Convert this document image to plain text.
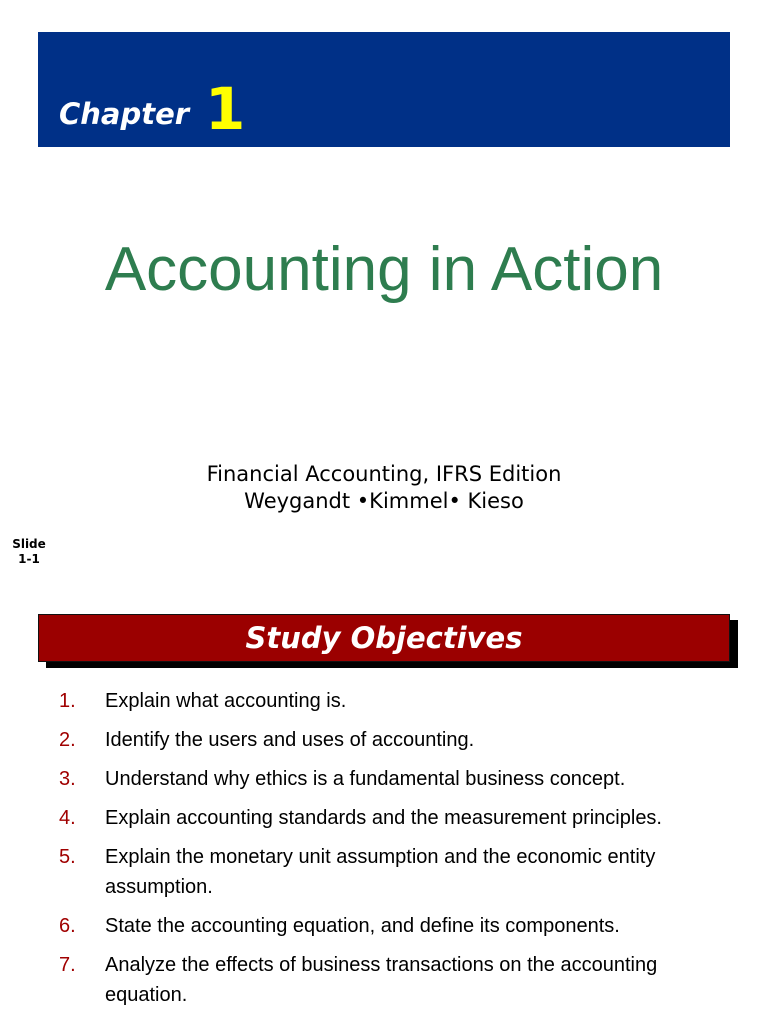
Chapter 1
Accounting in Action
Financial Accounting, IFRS Edition
Weygandt •Kimmel• Kieso
Slide
1-1
Study Objectives
1. Explain what accounting is.
2. Identify the users and uses of accounting.
3. Understand why ethics is a fundamental business concept.
4. Explain accounting standards and the measurement principles.
5. Explain the monetary unit assumption and the economic entity assumption.
6. State the accounting equation, and define its components.
7. Analyze the effects of business transactions on the accounting equation.
